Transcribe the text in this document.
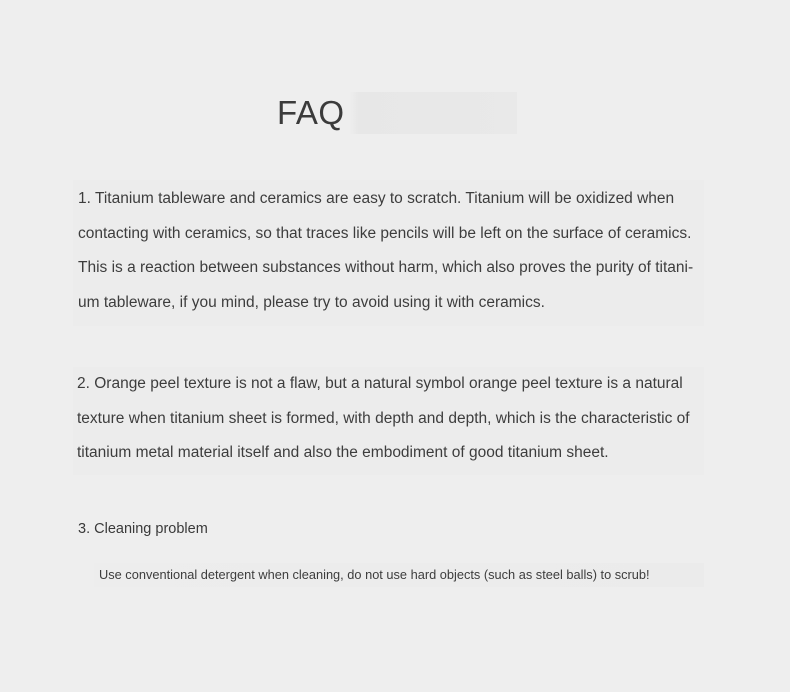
FAQ

1. Titanium tableware and ceramics are easy to scratch. Titanium will be oxidized when contacting with ceramics, so that traces like pencils will be left on the surface of ceramics. This is a reaction between substances without harm, which also proves the purity of titani- um tableware, if you mind, please try to avoid using it with ceramics.

2. Orange peel texture is not a flaw, but a natural symbol orange peel texture is a natural texture when titanium sheet is formed, with depth and depth, which is the characteristic of titanium metal material itself and also the embodiment of good titanium sheet.

3. Cleaning problem
Use conventional detergent when cleaning, do not use hard objects (such as steel balls) to scrub!
